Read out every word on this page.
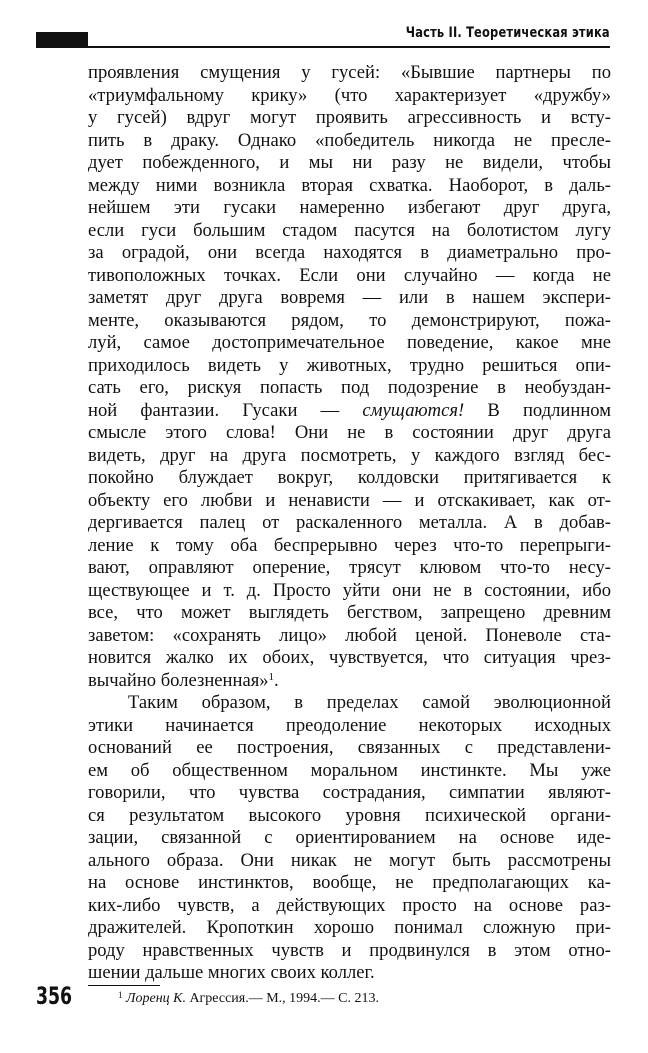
Часть II. Теоретическая этика

проявления смущения у гусей: «Бывшие партнеры по
«триумфальному крику» (что характеризует «дружбу»
у гусей) вдруг могут проявить агрессивность и всту-
пить в драку. Однако «победитель никогда не пресле-
дует побежденного, и мы ни разу не видели, чтобы
между ними возникла вторая схватка. Наоборот, в даль-
нейшем эти гусаки намеренно избегают друг друга,
если гуси большим стадом пасутся на болотистом лугу
за оградой, они всегда находятся в диаметрально про-
тивоположных точках. Если они случайно — когда не
заметят друг друга вовремя — или в нашем экспери-
менте, оказываются рядом, то демонстрируют, пожа-
луй, самое достопримечательное поведение, какое мне
приходилось видеть у животных, трудно решиться опи-
сать его, рискуя попасть под подозрение в необуздан-
ной фантазии. Гусаки — смущаются! В подлинном
смыслe этого слова! Они не в состоянии друг друга
видеть, друг на друга посмотреть, у каждого взгляд бес-
покойно блуждает вокруг, колдовски притягивается к
объекту его любви и ненависти — и отскакивает, как от-
дергивается палец от раскаленного металла. А в добав-
ление к тому оба беспрерывно через что-то перепрыги-
вают, оправляют оперение, трясут клювом что-то несу-
ществующее и т. д. Просто уйти они не в состоянии, ибо
все, что может выглядеть бегством, запрещено древним
заветом: «сохранять лицо» любой ценой. Поневоле ста-
новится жалко их обоих, чувствуется, что ситуация чрез-
вычайно болезненная»$^1$.

Таким образом, в пределах самой эволюционной
этики начинается преодоление некоторых исходных
оснований ее построения, связанных с представлени-
ем об общественном моральном инстинкте. Мы уже
говорили, что чувства сострадания, симпатии являют-
ся результатом высокого уровня психической органи-
зации, связанной с ориентированием на основе иде-
ального образа. Они никак не могут быть рассмотрены
на основе инстинктов, вообще, не предполагающих ка-
ких-либо чувств, а действующих просто на основе раз-
дражителей. Кропоткин хорошо понимал сложную при-
роду нравственных чувств и продвинулся в этом отно-
шении дальше многих своих коллег.

356	$^1$ Лоренц К. Агрессия.— М., 1994.— С. 213.
